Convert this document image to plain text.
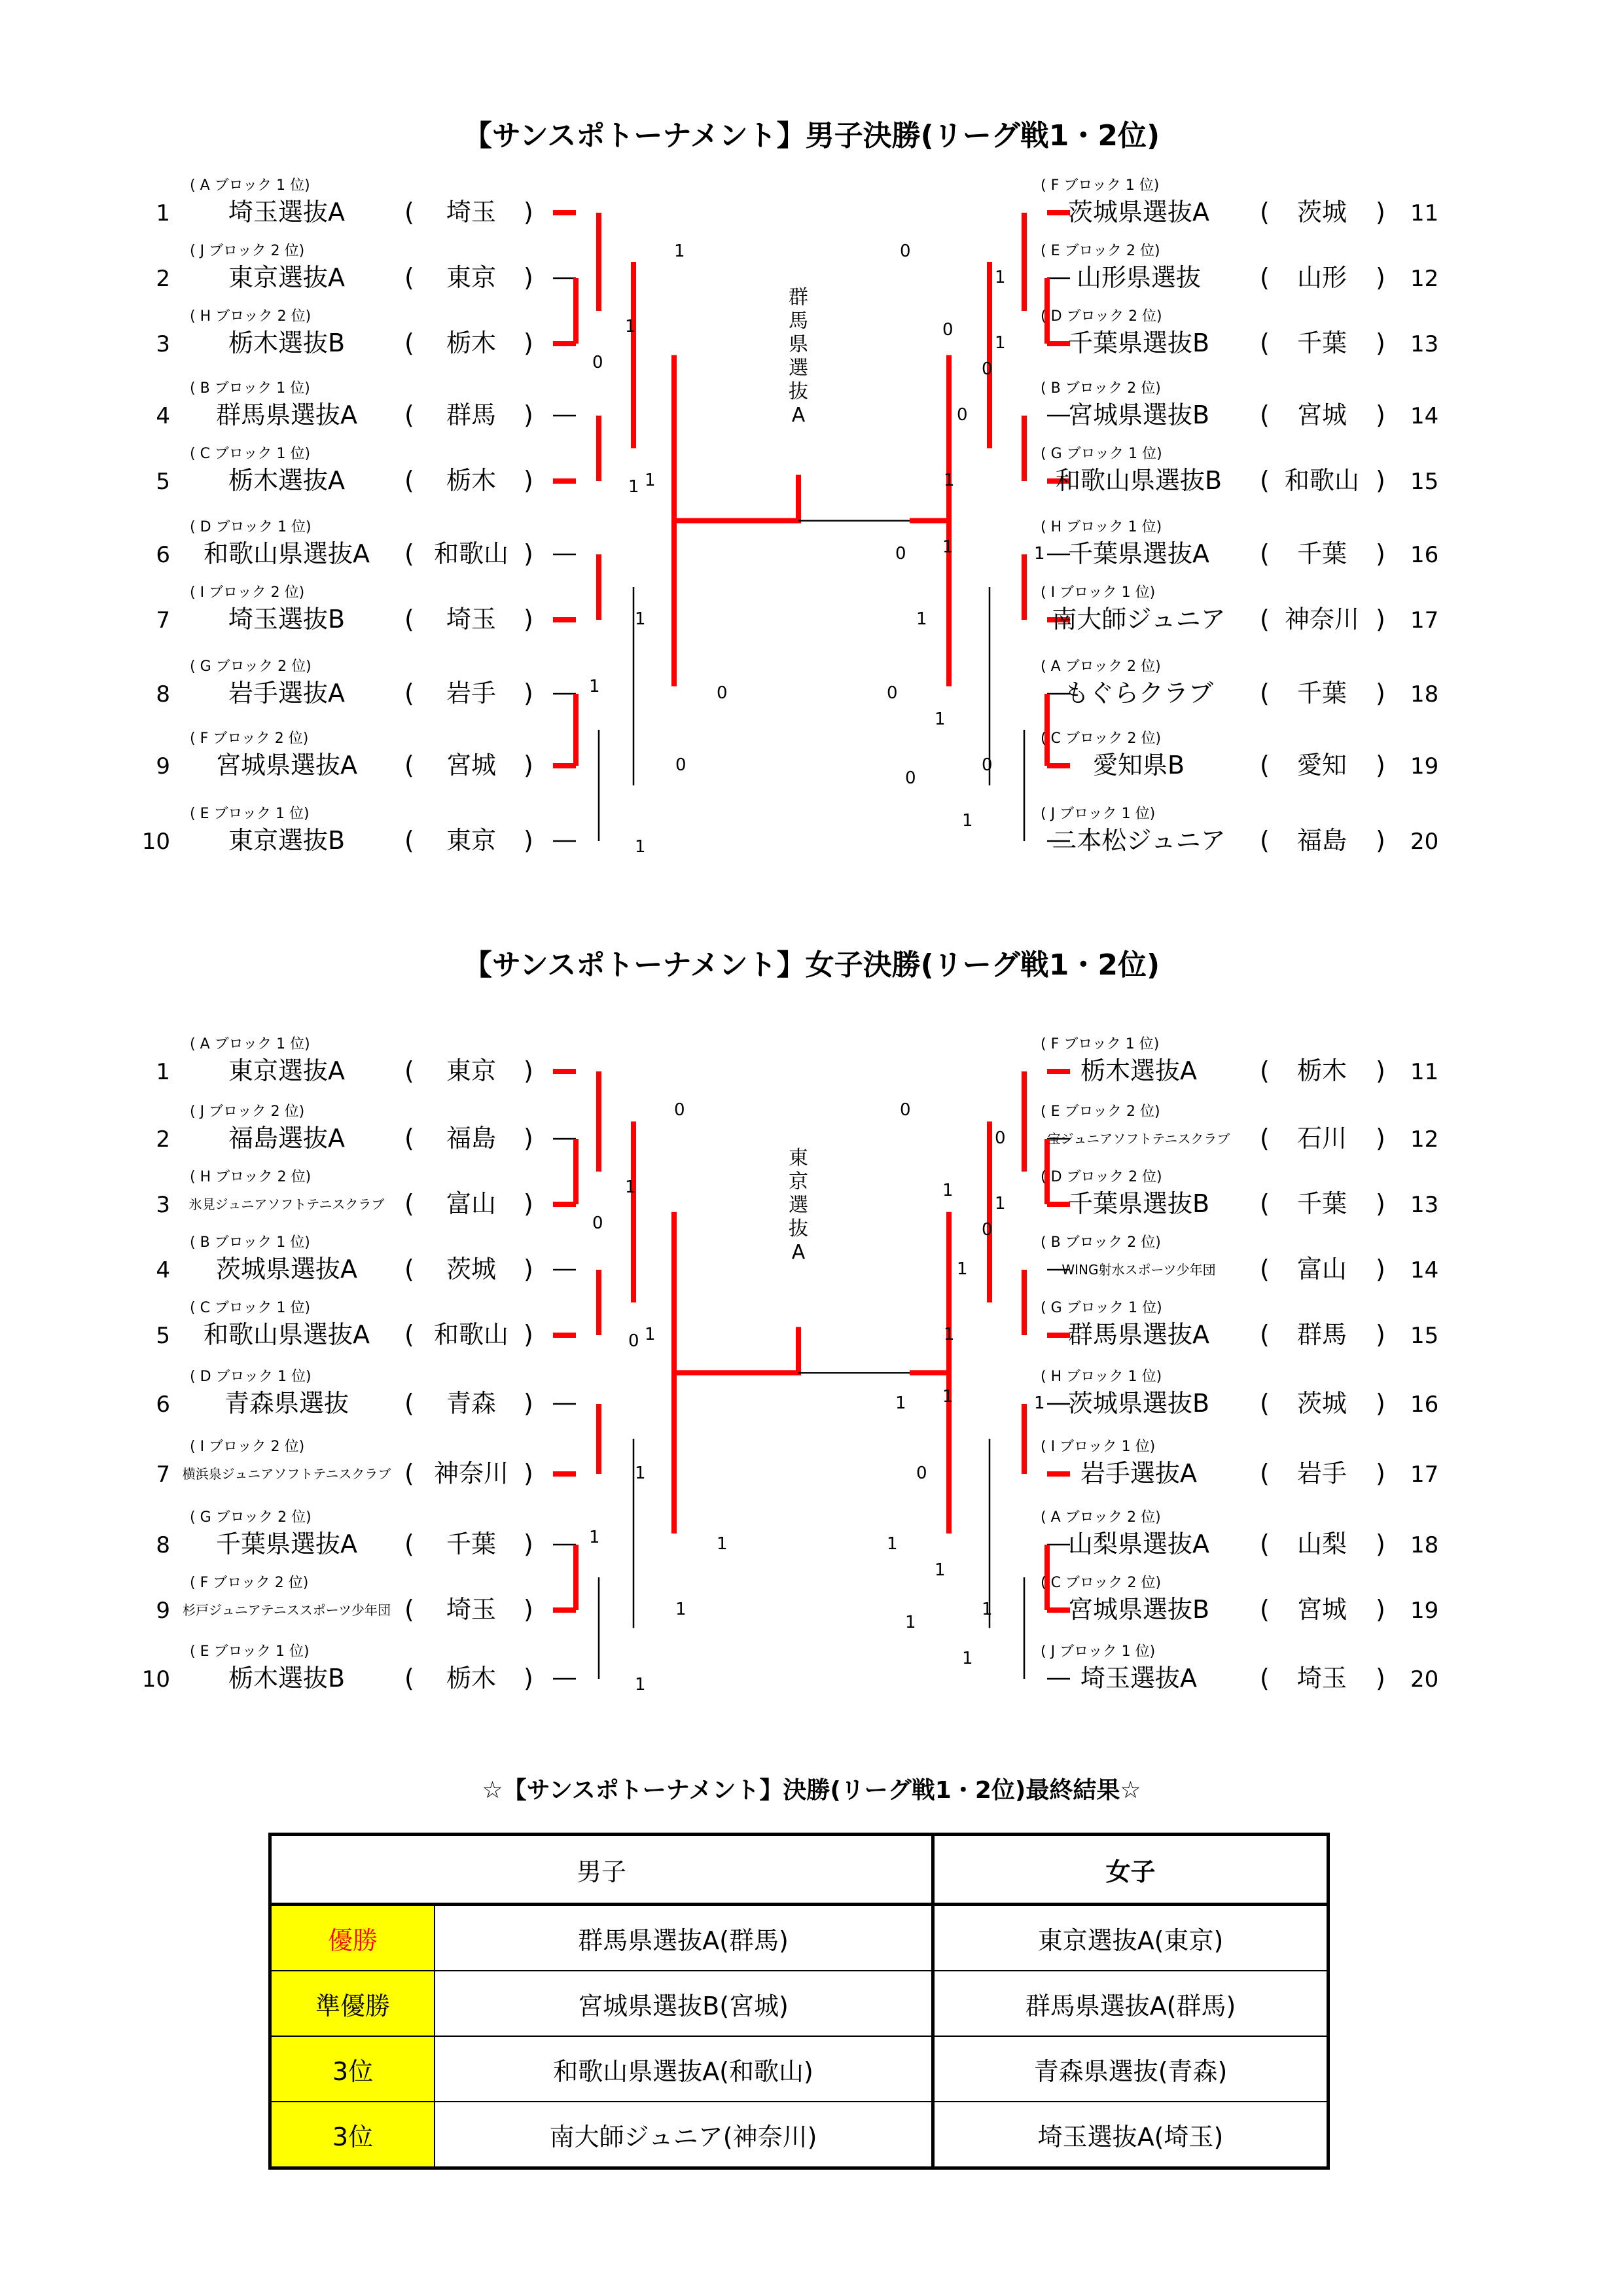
【サンスポトーナメント】男子決勝(リーグ戦1・2位)
【サンスポトーナメント】女子決勝(リーグ戦1・2位)
1
( A ブロック 1 位)
埼玉選抜A ( 埼玉 )
2
( J ブロック 2 位)
東京選抜A ( 東京 )
3
( H ブロック 2 位)
栃木選抜B ( 栃木 )
4
( B ブロック 1 位)
群馬県選抜A ( 群馬 )
5
( C ブロック 1 位)
栃木選抜A ( 栃木 )
6
( D ブロック 1 位)
和歌山県選抜A ( 和歌山 )
7
( I ブロック 2 位)
埼玉選抜B ( 埼玉 )
8
( G ブロック 2 位)
岩手選抜A ( 岩手 )
9
( F ブロック 2 位)
宮城県選抜A ( 宮城 )
10
( E ブロック 1 位)
東京選抜B ( 東京 )
( F ブロック 1 位)
茨城県選抜A ( 茨城 ) 11
( E ブロック 2 位)
山形県選抜 ( 山形 ) 12
( D ブロック 2 位)
千葉県選抜B ( 千葉 ) 13
( B ブロック 2 位)
宮城県選抜B ( 宮城 ) 14
( G ブロック 1 位)
和歌山県選抜B ( 和歌山 ) 15
( H ブロック 1 位)
千葉県選抜A ( 千葉 ) 16
( I ブロック 1 位)
南大師ジュニア ( 神奈川 ) 17
( A ブロック 2 位)
もぐらクラブ ( 千葉 ) 18
( C ブロック 2 位)
愛知県B	( 愛知 ) 19
( J ブロック 1 位)
二本松ジュニア ( 福島 ) 20
群
馬
県
選
抜
A
1
1
0
1
1
0
1
1
0
1
0
0
0
1
0
0 1
1
0
0
1
1
0
1
1
1
1
( A ブロック 1 位)
東京選抜A ( 東京 )
2
( J ブロック 2 位)
福島選抜A ( 福島 )
3
( H ブロック 2 位)
氷見ジュニアソフトテニスクラブ ( 富山 )
4
( B ブロック 1 位)
茨城県選抜A ( 茨城 )
5
( C ブロック 1 位)
和歌山県選抜A ( 和歌山 )
6
( D ブロック 1 位)
青森県選抜 ( 青森 )
7
( I ブロック 2 位)
横浜泉ジュニアソフトテニスクラブ ( 神奈川 )
8
( G ブロック 2 位)
千葉県選抜A ( 千葉 )
9
( F ブロック 2 位)
杉戸ジュニアテニススポーツ少年団 ( 埼玉 )
10
( E ブロック 1 位)
栃木選抜B ( 栃木 )
( F ブロック 1 位)
栃木選抜A	( 栃木 ) 11
( E ブロック 2 位)
宝ジュニアソフトテニスクラブ ( 石川 ) 12
( D ブロック 2 位)
千葉県選抜B ( 千葉 ) 13
( B ブロック 2 位)
WING射水スポーツ少年団 ( 富山 ) 14
( G ブロック 1 位)
群馬県選抜A ( 群馬 ) 15
( H ブロック 1 位)
茨城県選抜B ( 茨城 ) 16
( I ブロック 1 位)
岩手選抜A	( 岩手 ) 17
( A ブロック 2 位)
山梨県選抜A ( 山梨 ) 18
( C ブロック 2 位)
宮城県選抜B ( 宮城 ) 19
( J ブロック 1 位)
埼玉選抜A	( 埼玉 ) 20
東
京
選
抜
A
0
1
0
1
0
1
1
1
1
1
0
1
0
1
1
1 1
1
1
1
0
1
1
1
0
1
☆【サンスポトーナメント】決勝(リーグ戦1・2位)最終結果☆
男子		女子
優勝	群馬県選抜A(群馬)	東京選抜A(東京)
準優勝	宮城県選抜B(宮城)	群馬県選抜A(群馬)
3位	和歌山県選抜A(和歌山)	青森県選抜(青森)
3位	南大師ジュニア(神奈川)	埼玉選抜A(埼玉)
